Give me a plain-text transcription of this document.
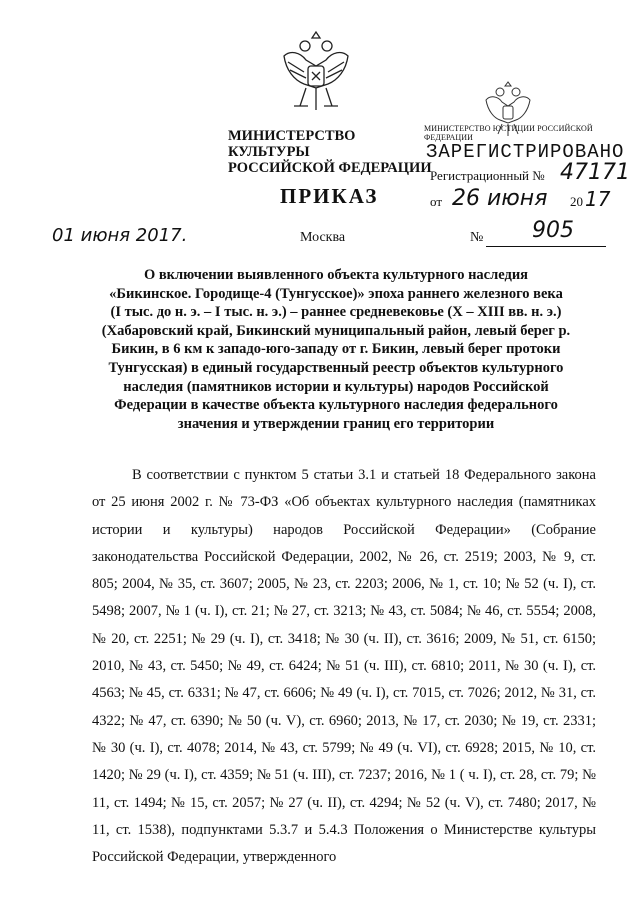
МИНИСТЕРСТВО КУЛЬТУРЫ
РОССИЙСКОЙ ФЕДЕРАЦИИ
МИНИСТЕРСТВО ЮСТИЦИИ РОССИЙСКОЙ ФЕДЕРАЦИИ
ЗАРЕГИСТРИРОВАНО
Регистрационный № 47171
от 26 июня 20 17
ПРИКАЗ
01 июня 2017.	Москва	№ 905
О включении выявленного объекта культурного наследия
«Бикинское. Городище-4 (Тунгусское)» эпоха раннего железного века
(I тыс. до н. э. – I тыс. н. э.) – раннее средневековье (X – XIII вв. н. э.)
(Хабаровский край, Бикинский муниципальный район, левый берег р.
Бикин, в 6 км к западо-юго-западу от г. Бикин, левый берег протоки
Тунгусская) в единый государственный реестр объектов культурного
наследия (памятников истории и культуры) народов Российской
Федерации в качестве объекта культурного наследия федерального
значения и утверждении границ его территории

В соответствии с пунктом 5 статьи 3.1 и статьей 18 Федерального закона от 25 июня 2002 г. № 73-ФЗ «Об объектах культурного наследия (памятниках истории и культуры) народов Российской Федерации» (Собрание законодательства Российской Федерации, 2002, № 26, ст. 2519; 2003, № 9, ст. 805; 2004, № 35, ст. 3607; 2005, № 23, ст. 2203; 2006, № 1, ст. 10; № 52 (ч. I), ст. 5498; 2007, № 1 (ч. I), ст. 21; № 27, ст. 3213; № 43, ст. 5084; № 46, ст. 5554; 2008, № 20, ст. 2251; № 29 (ч. I), ст. 3418; № 30 (ч. II), ст. 3616; 2009, № 51, ст. 6150; 2010, № 43, ст. 5450; № 49, ст. 6424; № 51 (ч. III), ст. 6810; 2011, № 30 (ч. I), ст. 4563; № 45, ст. 6331; № 47, ст. 6606; № 49 (ч. I), ст. 7015, ст. 7026; 2012, № 31, ст. 4322; № 47, ст. 6390; № 50 (ч. V), ст. 6960; 2013, № 17, ст. 2030; № 19, ст. 2331; № 30 (ч. I), ст. 4078; 2014, № 43, ст. 5799; № 49 (ч. VI), ст. 6928; 2015, № 10, ст. 1420; № 29 (ч. I), ст. 4359; № 51 (ч. III), ст. 7237; 2016, № 1 ( ч. I), ст. 28, ст. 79; № 11, ст. 1494; № 15, ст. 2057; № 27 (ч. II), ст. 4294; № 52 (ч. V), ст. 7480; 2017, № 11, ст. 1538), подпунктами 5.3.7 и 5.4.3 Положения о Министерстве культуры Российской Федерации, утвержденного
